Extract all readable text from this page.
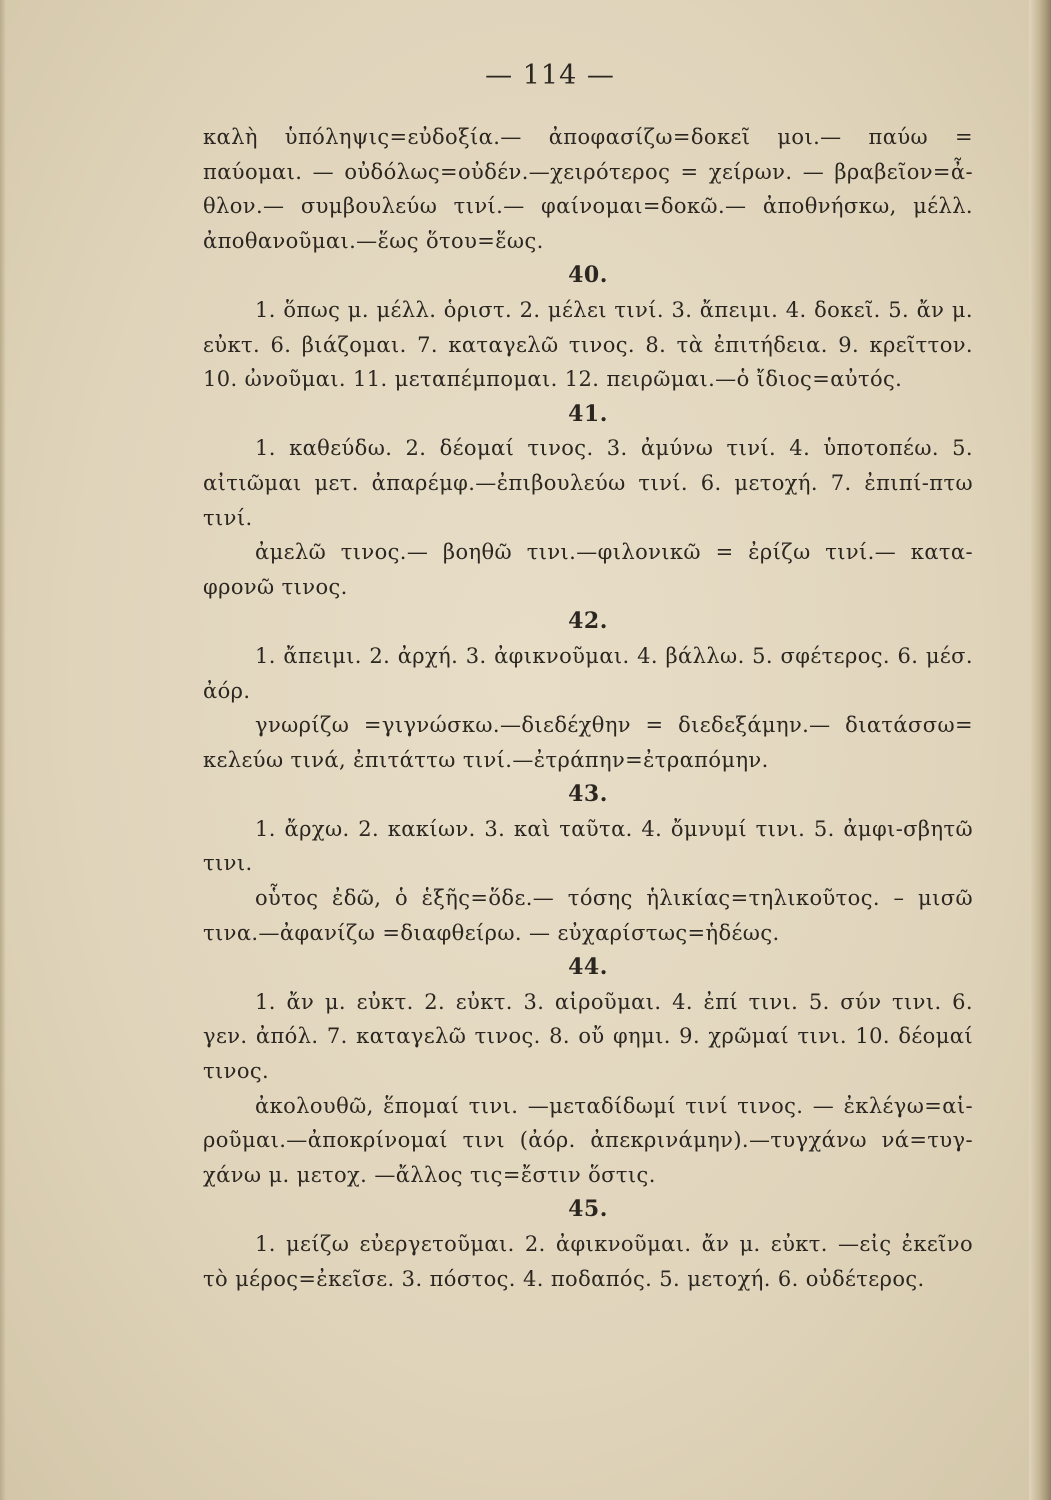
— 114 —

καλὴ ὑπόληψις=εὐδοξία.— ἀποφασίζω=δοκεῖ μοι.— παύω = παύομαι. — οὐδόλως=οὐδέν.—χειρότερος = χείρων. — βραβεῖον=ἆ-θλον.— συμβουλεύω τινί.— φαίνομαι=δοκῶ.— ἀποθνήσκω, μέλλ. ἀποθανοῦμαι.—ἕως ὅτου=ἕως.

40.

1. ὅπως μ. μέλλ. ὁριστ. 2. μέλει τινί. 3. ἄπειμι. 4. δοκεῖ. 5. ἄν μ. εὐκτ. 6. βιάζομαι. 7. καταγελῶ τινος. 8. τὰ ἐπιτήδεια. 9. κρεῖττον. 10. ὠνοῦμαι. 11. μεταπέμπομαι. 12. πειρῶμαι.—ὁ ἴδιος=αὐτός.

41.

1. καθεύδω. 2. δέομαί τινος. 3. ἀμύνω τινί. 4. ὑποτοπέω. 5. αἰτιῶμαι μετ. ἀπαρέμφ.—ἐπιβουλεύω τινί. 6. μετοχή. 7. ἐπιπί-πτω τινί.

ἀμελῶ τινος.— βοηθῶ τινι.—φιλονικῶ = ἐρίζω τινί.— κατα-φρονῶ τινος.

42.

1. ἄπειμι. 2. ἀρχή. 3. ἀφικνοῦμαι. 4. βάλλω. 5. σφέτερος. 6. μέσ. ἀόρ.

γνωρίζω =γιγνώσκω.—διεδέχθην = διεδεξάμην.— διατάσσω= κελεύω τινά, ἐπιτάττω τινί.—ἐτράπην=ἐτραπόμην.

43.

1. ἄρχω. 2. κακίων. 3. καὶ ταῦτα. 4. ὄμνυμί τινι. 5. ἀμφι-σβητῶ τινι.

οὗτος ἐδῶ, ὁ ἑξῆς=ὅδε.— τόσης ἡλικίας=τηλικοῦτος. – μισῶ τινα.—ἀφανίζω =διαφθείρω. — εὐχαρίστως=ἡδέως.

44.

1. ἄν μ. εὐκτ. 2. εὐκτ. 3. αἱροῦμαι. 4. ἐπί τινι. 5. σύν τινι. 6. γεν. ἀπόλ. 7. καταγελῶ τινος. 8. οὔ φημι. 9. χρῶμαί τινι. 10. δέομαί τινος.

ἀκολουθῶ, ἕπομαί τινι. —μεταδίδωμί τινί τινος. — ἐκλέγω=αἱ-ροῦμαι.—ἀποκρίνομαί τινι (ἀόρ. ἀπεκρινάμην).—τυγχάνω νά=τυγ-χάνω μ. μετοχ. —ἄλλος τις=ἔστιν ὅστις.

45.

1. μείζω εὐεργετοῦμαι. 2. ἀφικνοῦμαι. ἄν μ. εὐκτ. —εἰς ἐκεῖνο τὸ μέρος=ἐκεῖσε. 3. πόστος. 4. ποδαπός. 5. μετοχή. 6. οὐδέτερος.
